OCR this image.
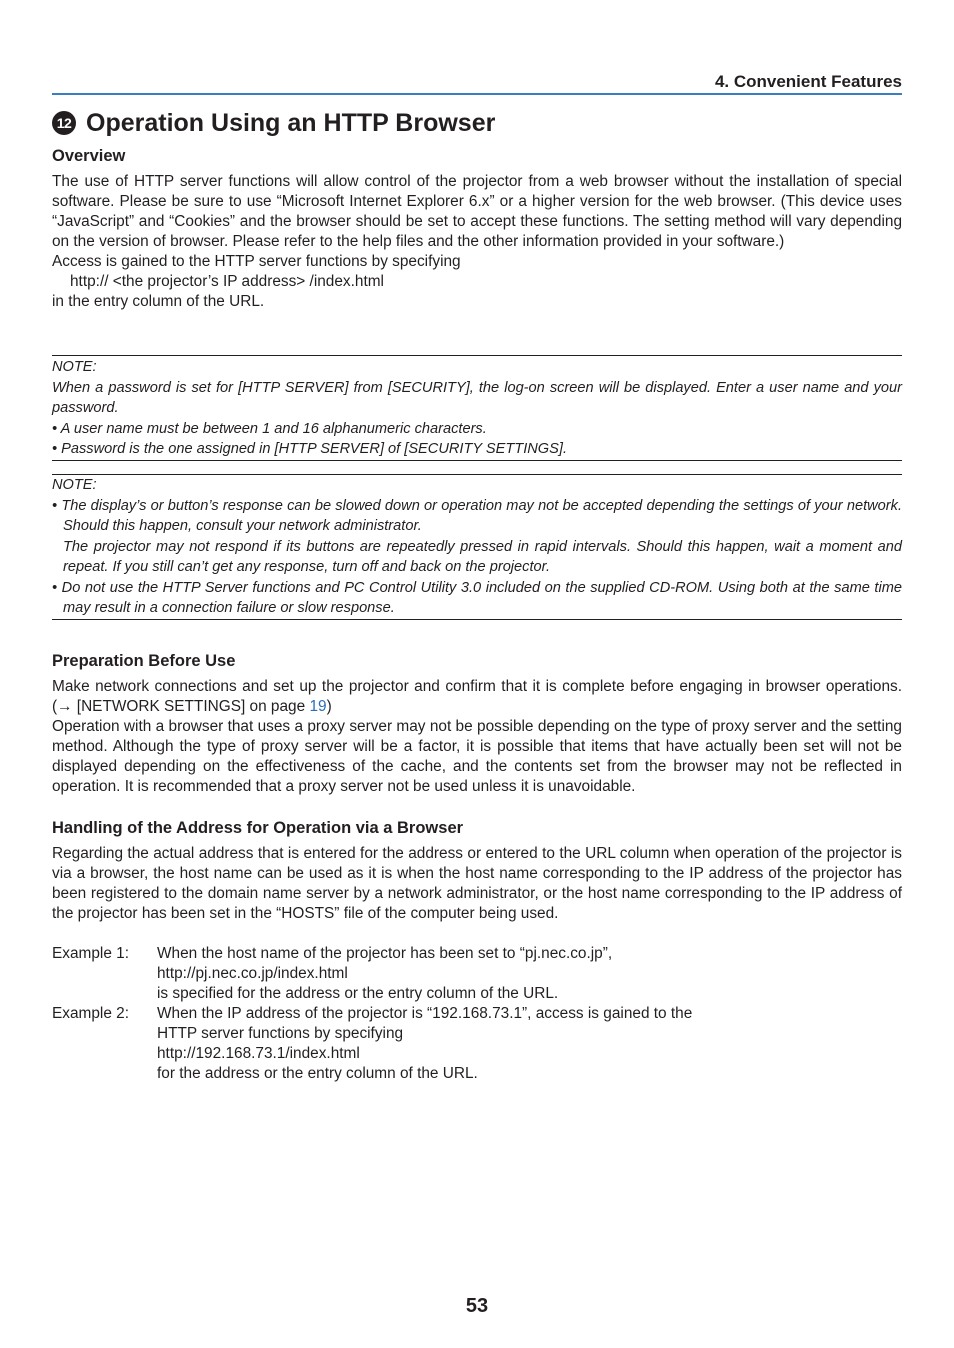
4. Convenient Features
12 Operation Using an HTTP Browser
Overview
The use of HTTP server functions will allow control of the projector from a web browser without the installation of special software. Please be sure to use “Microsoft Internet Explorer 6.x” or a higher version for the web browser. (This device uses “JavaScript” and “Cookies” and the browser should be set to accept these functions. The setting method will vary depending on the version of browser. Please refer to the help files and the other information provided in your software.)
Access is gained to the HTTP server functions by specifying
http:// <the projector’s IP address> /index.html
in the entry column of the URL.
NOTE:
When a password is set for [HTTP SERVER] from [SECURITY], the log-on screen will be displayed. Enter a user name and your password.
• A user name must be between 1 and 16 alphanumeric characters.
• Password is the one assigned in [HTTP SERVER] of [SECURITY SETTINGS].
NOTE:
• The display’s or button’s response can be slowed down or operation may not be accepted depending the settings of your network. Should this happen, consult your network administrator.
The projector may not respond if its buttons are repeatedly pressed in rapid intervals. Should this happen, wait a moment and repeat. If you still can’t get any response, turn off and back on the projector.
• Do not use the HTTP Server functions and PC Control Utility 3.0 included on the supplied CD-ROM. Using both at the same time may result in a connection failure or slow response.
Preparation Before Use
Make network connections and set up the projector and confirm that it is complete before engaging in browser operations. (→ [NETWORK SETTINGS] on page 19)
Operation with a browser that uses a proxy server may not be possible depending on the type of proxy server and the setting method. Although the type of proxy server will be a factor, it is possible that items that have actually been set will not be displayed depending on the effectiveness of the cache, and the contents set from the browser may not be reflected in operation. It is recommended that a proxy server not be used unless it is unavoidable.
Handling of the Address for Operation via a Browser
Regarding the actual address that is entered for the address or entered to the URL column when operation of the projector is via a browser, the host name can be used as it is when the host name corresponding to the IP address of the projector has been registered to the domain name server by a network administrator, or the host name corresponding to the IP address of the projector has been set in the “HOSTS” file of the computer being used.
Example 1:	When the host name of the projector has been set to “pj.nec.co.jp”,
http://pj.nec.co.jp/index.html
is specified for the address or the entry column of the URL.
Example 2:	When the IP address of the projector is “192.168.73.1”, access is gained to the
HTTP server functions by specifying
http://192.168.73.1/index.html
for the address or the entry column of the URL.
53
